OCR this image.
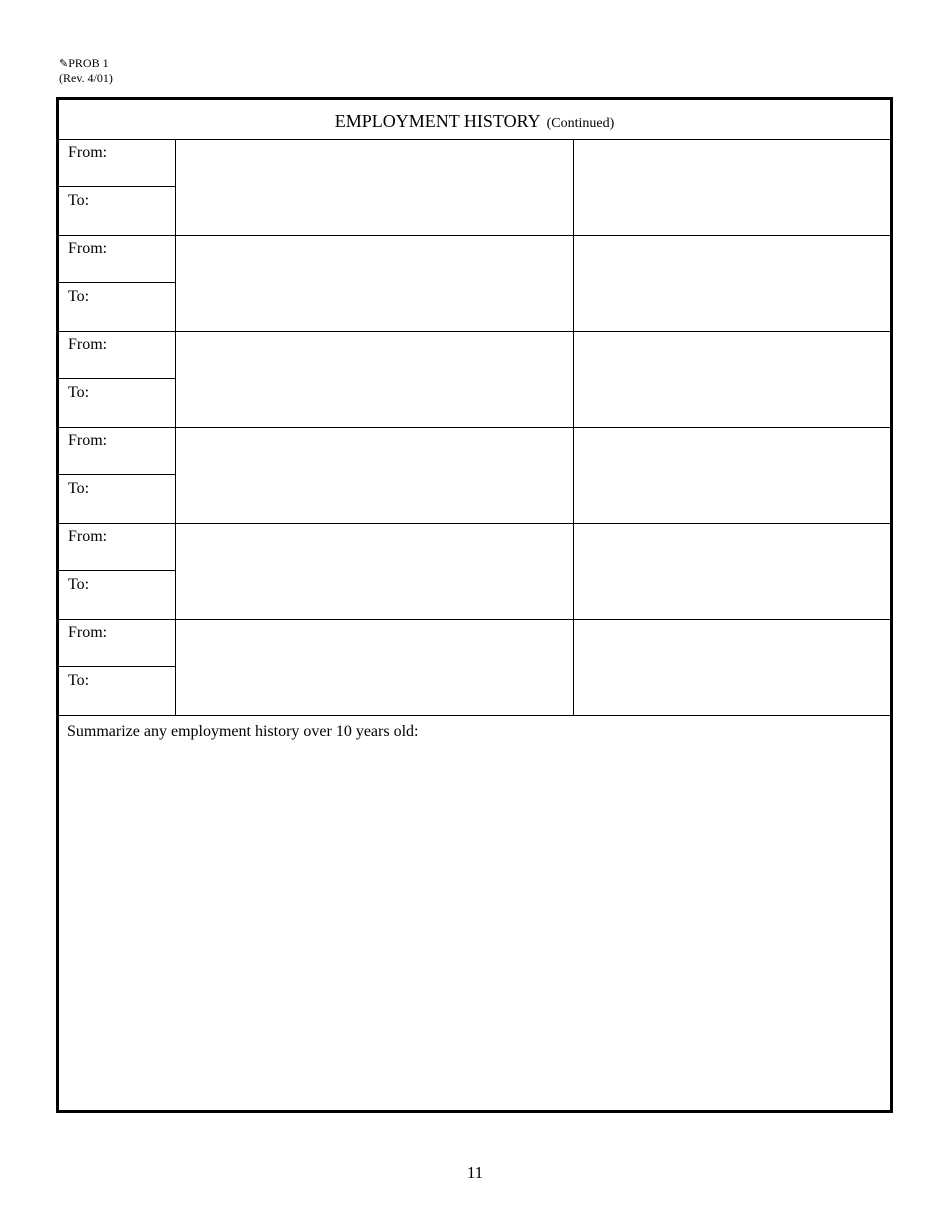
✎PROB 1
(Rev. 4/01)
EMPLOYMENT HISTORY (Continued)
From:
To:
From:
To:
From:
To:
From:
To:
From:
To:
From:
To:
Summarize any employment history over 10 years old:
11
